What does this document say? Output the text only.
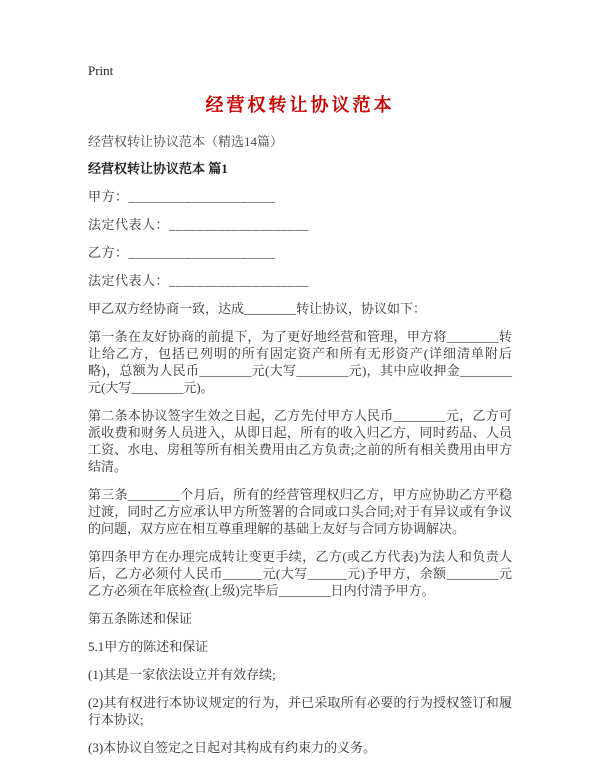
Print
经营权转让协议范本

经营权转让协议范本（精选14篇）

经营权转让协议范本 篇1

甲方：_____________________

法定代表人：____________________

乙方：_____________________

法定代表人：____________________

甲乙双方经协商一致，达成________转让协议，协议如下：

第一条在友好协商的前提下，为了更好地经营和管理，甲方将________转让给乙方，包括已列明的所有固定资产和所有无形资产(详细清单附后略)，总额为人民币________元(大写________元)，其中应收押金________元(大写________元)。

第二条本协议签字生效之日起，乙方先付甲方人民币________元，乙方可派收费和财务人员进入，从即日起，所有的收入归乙方，同时药品、人员工资、水电、房租等所有相关费用由乙方负责;之前的所有相关费用由甲方结清。

第三条________个月后，所有的经营管理权归乙方，甲方应协助乙方平稳过渡，同时乙方应承认甲方所签署的合同或口头合同;对于有异议或有争议的问题，双方应在相互尊重理解的基础上友好与合同方协调解决。

第四条甲方在办理完成转让变更手续，乙方(或乙方代表)为法人和负责人后，乙方必须付人民币______元(大写______元)予甲方，余额________元乙方必须在年底检查(上级)完毕后________日内付清予甲方。

第五条陈述和保证

5.1甲方的陈述和保证

(1)其是一家依法设立并有效存续;

(2)其有权进行本协议规定的行为，并已采取所有必要的行为授权签订和履行本协议;

(3)本协议自签定之日起对其构成有约束力的义务。
